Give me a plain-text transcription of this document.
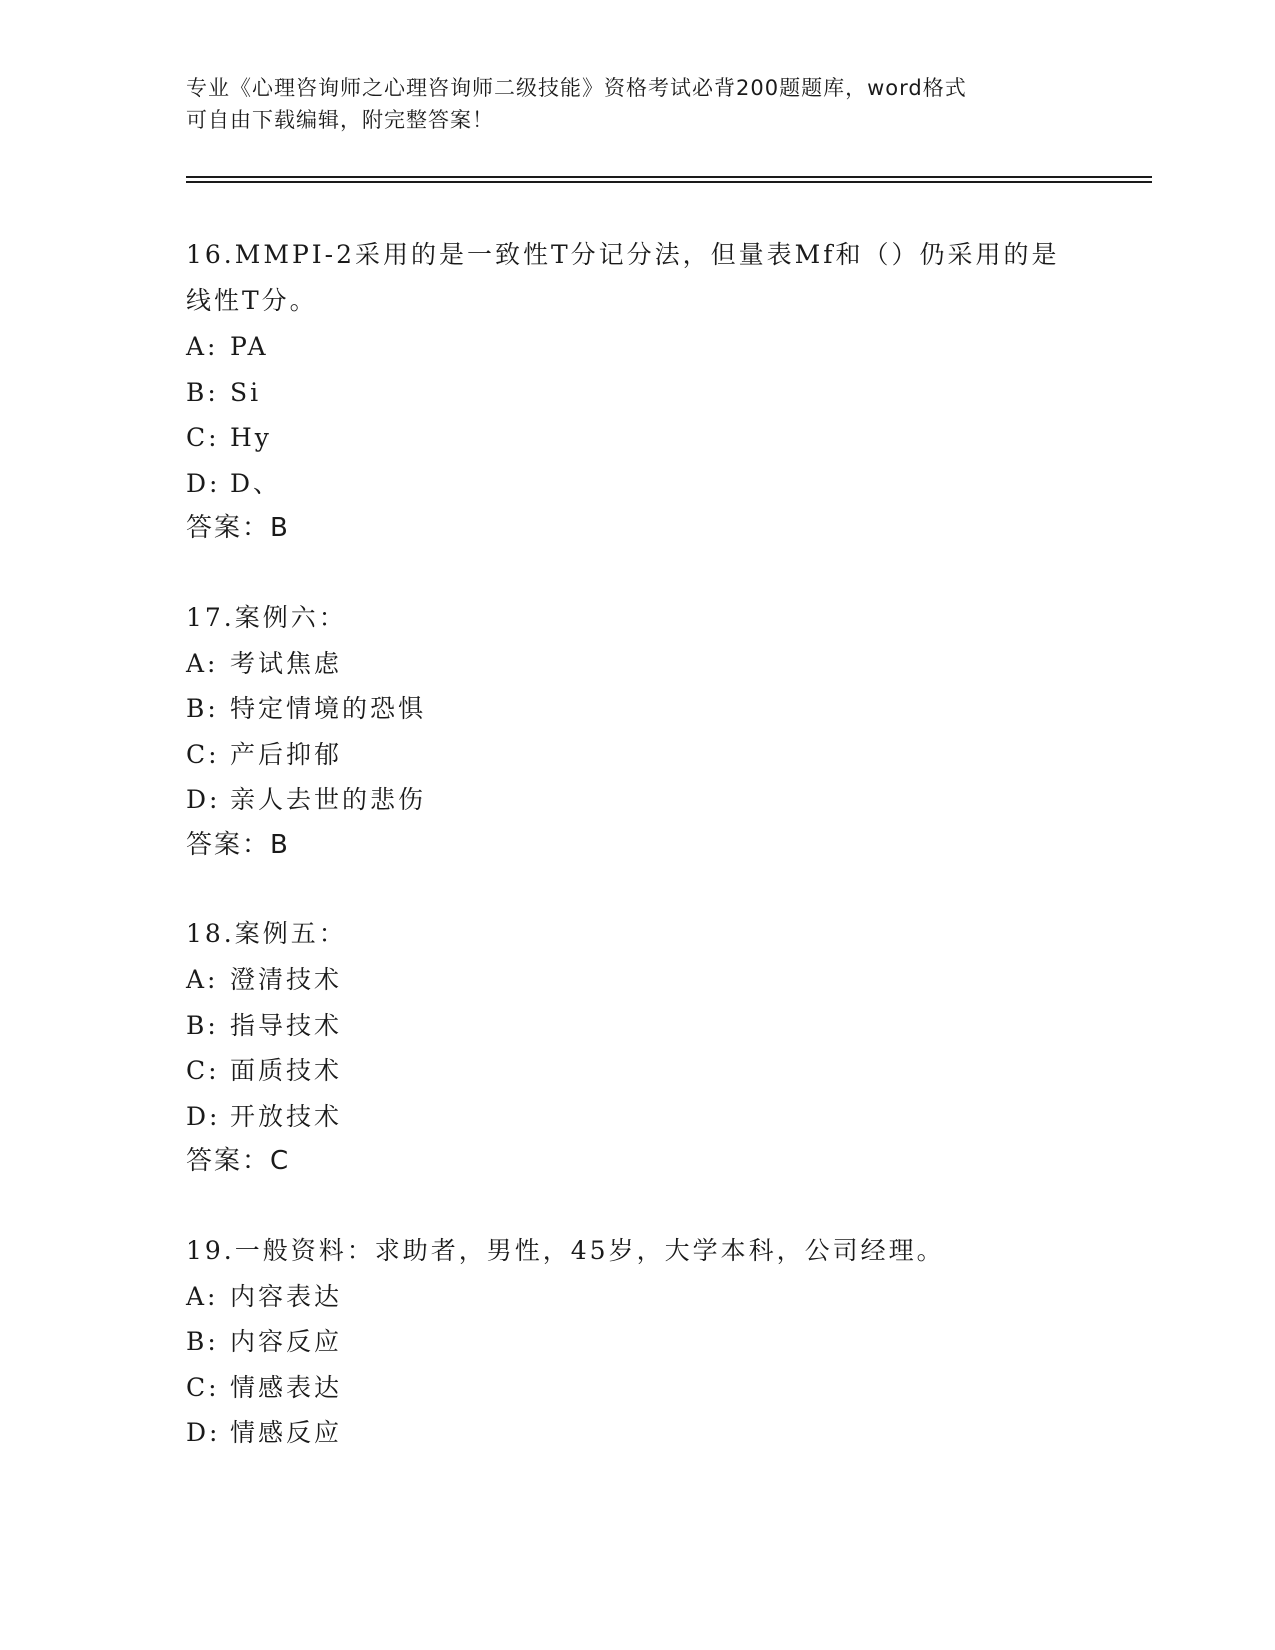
专业《心理咨询师之心理咨询师二级技能》资格考试必背200题题库，word格式
可自由下载编辑，附完整答案！
16.MMPI-2采用的是一致性T分记分法，但量表Mf和（）仍采用的是
线性T分。
A: PA
B: Si
C: Hy
D: D、
答案：B
17.案例六：
A: 考试焦虑
B: 特定情境的恐惧
C: 产后抑郁
D: 亲人去世的悲伤
答案：B
18.案例五：
A: 澄清技术
B: 指导技术
C: 面质技术
D: 开放技术
答案：C
19.一般资料：求助者，男性，45岁，大学本科，公司经理。
A: 内容表达
B: 内容反应
C: 情感表达
D: 情感反应
